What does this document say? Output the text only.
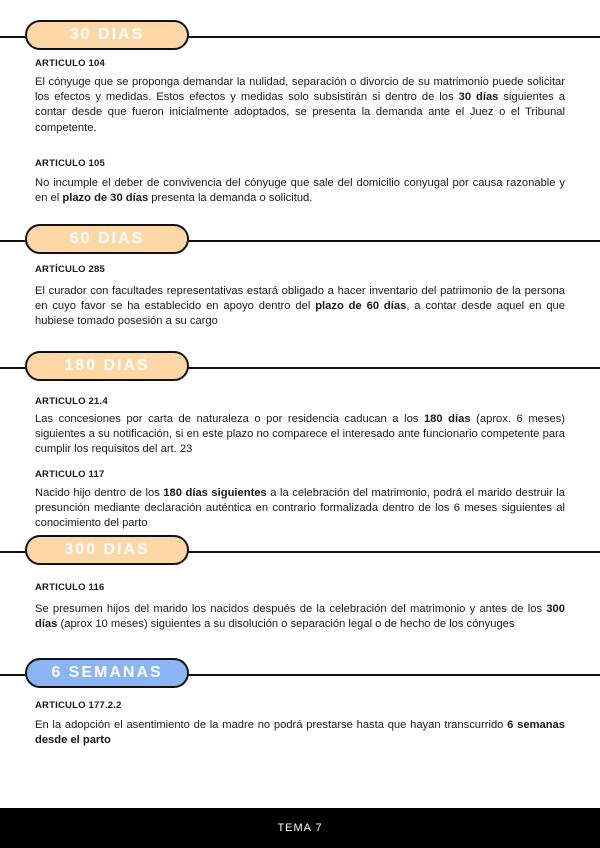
30 DIAS
ARTICULO 104

El cónyuge que se proponga demandar la nulidad, separación o divorcio de su matrimonio puede solicitar los efectos y medidas. Estos efectos y medidas solo subsistirán si dentro de los 30 días siguientes a contar desde que fueron inicialmente adoptados, se presenta la demanda ante el Juez o el Tribunal competente.

ARTICULO 105

No incumple el deber de convivencia del cónyuge que sale del domicilio conyugal por causa razonable y en el plazo de 30 días presenta la demanda o solicitud.

60 DIAS
ARTÍCULO 285

El curador con facultades representativas estará obligado a hacer inventario del patrimonio de la persona en cuyo favor se ha establecido en apoyo dentro del plazo de 60 días, a contar desde aquel en que hubiese tomado posesión a su cargo

180 DIAS
ARTICULO 21.4

Las concesiones por carta de naturaleza o por residencia caducan a los 180 días (aprox. 6 meses) siguientes a su notificación, si en este plazo no comparece el interesado ante funcionario competente para cumplir los requisitos del art. 23

ARTICULO 117

Nacido hijo dentro de los 180 días siguientes a la celebración del matrimonio, podrá el marido destruir la presunción mediante declaración auténtica en contrario formalizada dentro de los 6 meses siguientes al conocimiento del parto

300 DIAS
ARTICULO 116

Se presumen hijos del marido los nacidos después de la celebración del matrimonio y antes de los 300 días (aprox 10 meses) siguientes a su disolución o separación legal o de hecho de los cónyuges

6 SEMANAS
ARTICULO 177.2.2

En la adopción el asentimiento de la madre no podrá prestarse hasta que hayan transcurrido 6 semanas desde el parto

TEMA 7
